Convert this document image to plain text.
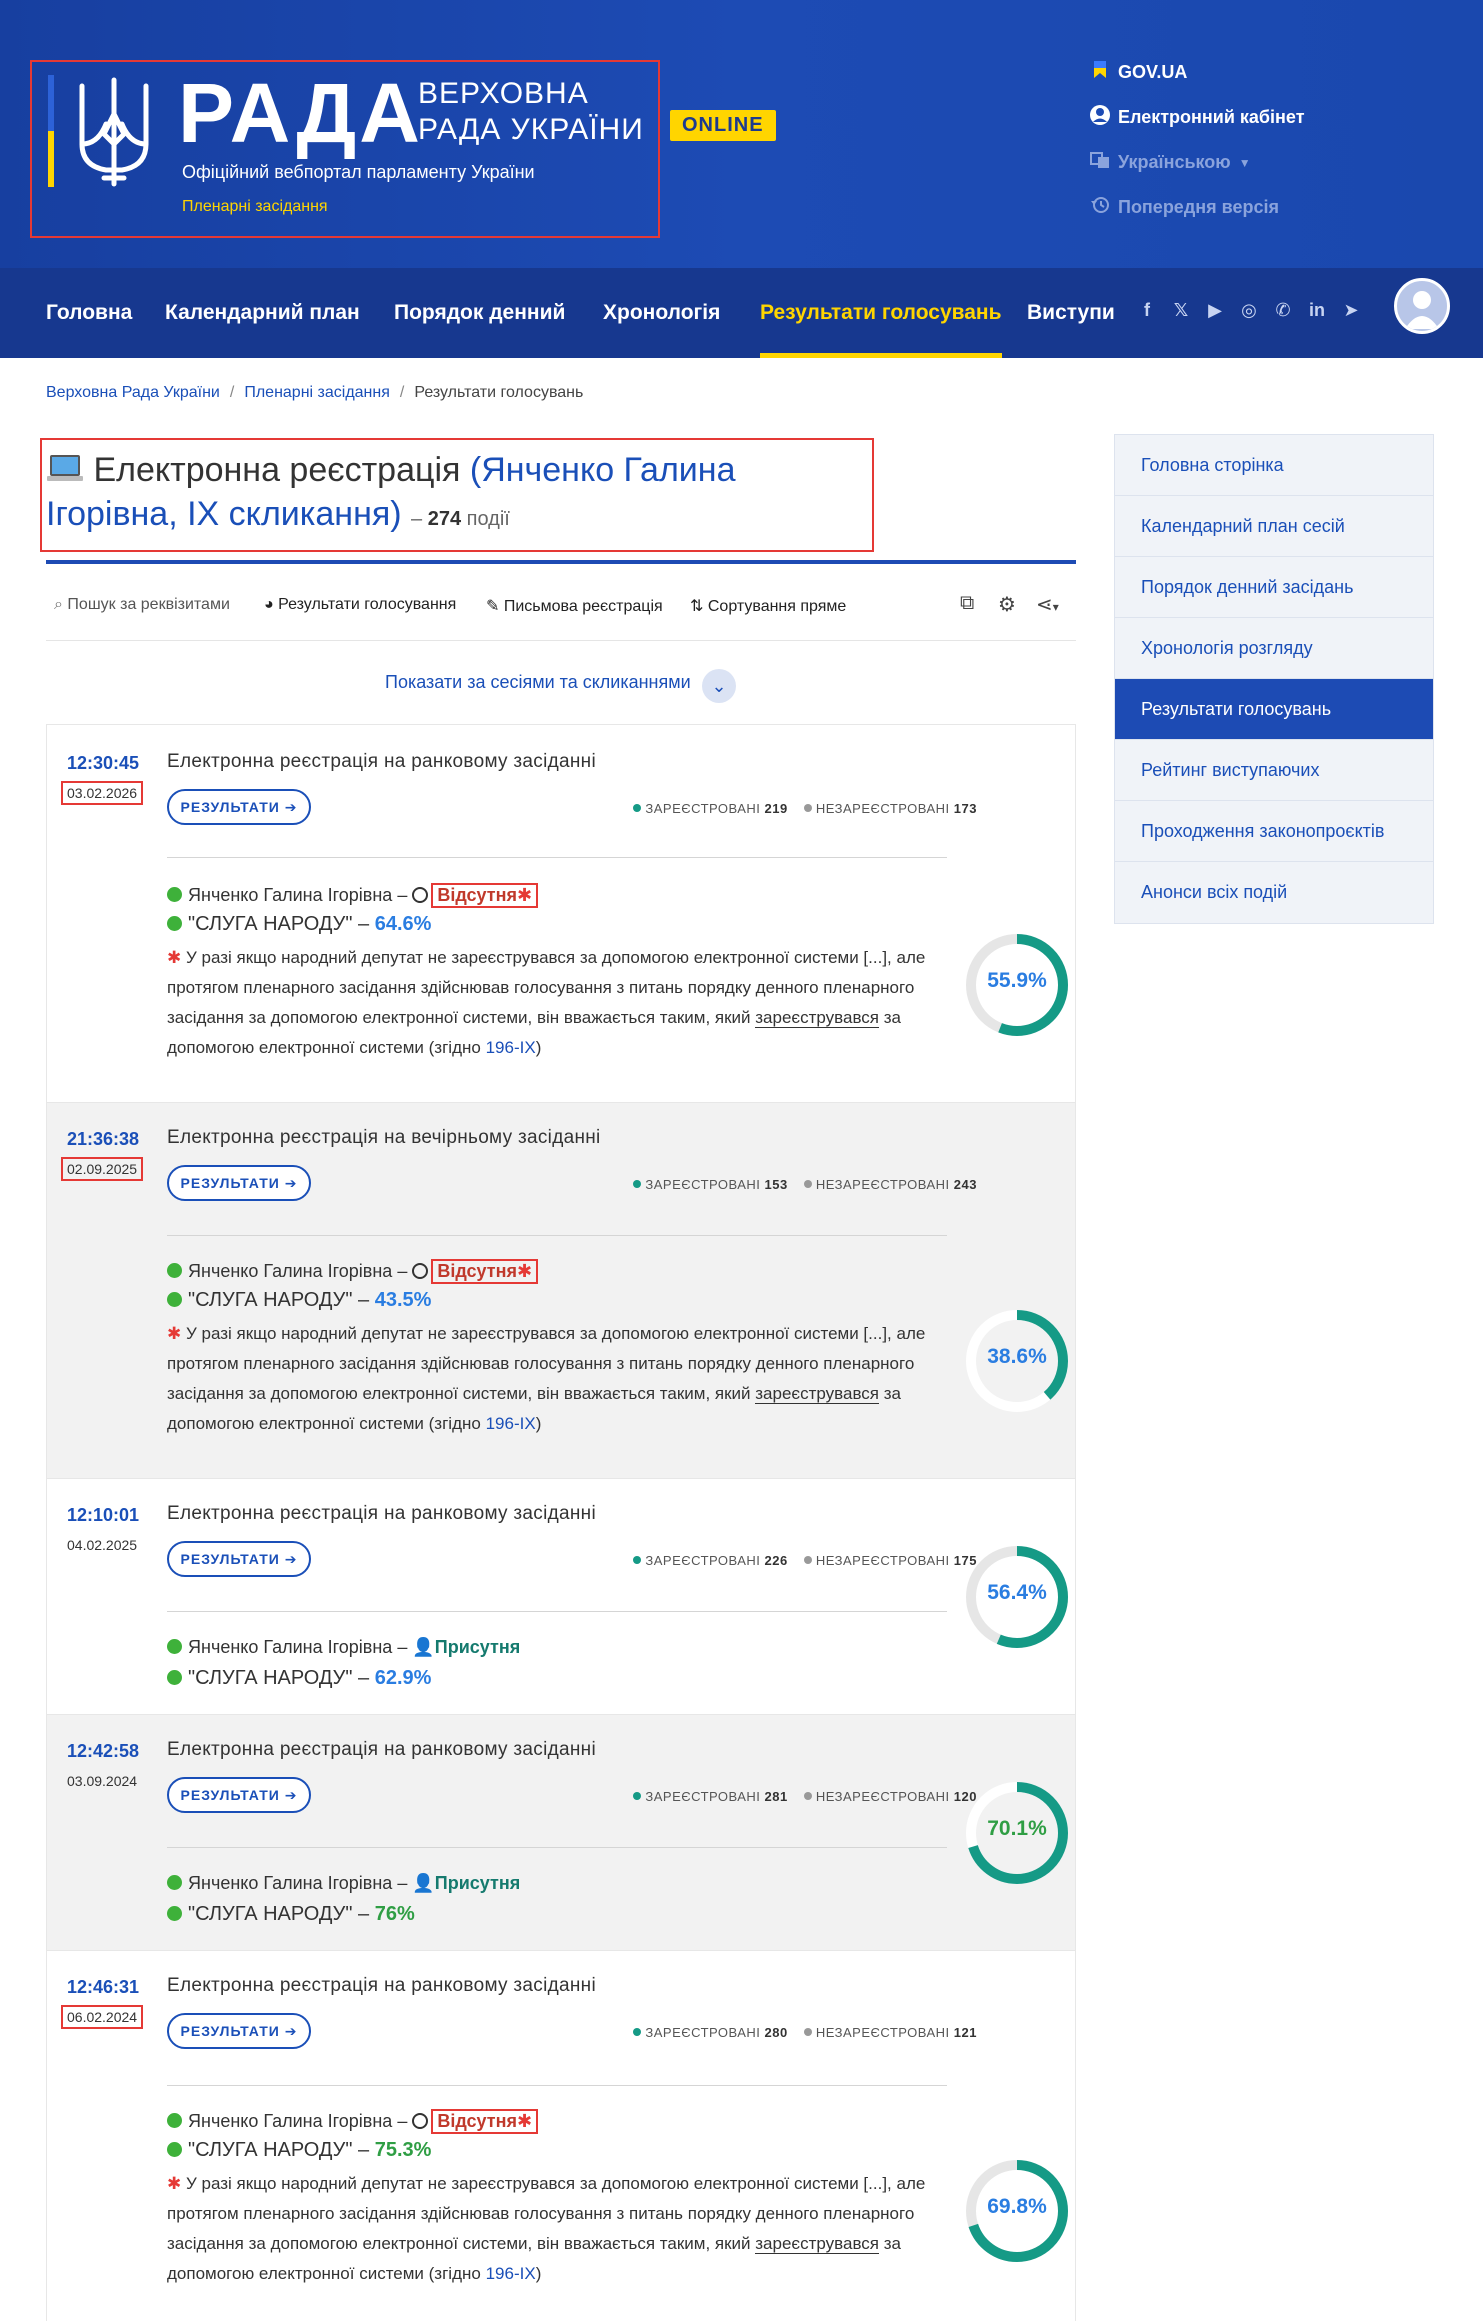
РАДА
ВЕРХОВНА
РАДА УКРАЇНИ	ONLINE
Офіційний вебпортал парламенту України
Пленарні засідання
GOV.UA
Електронний кабінет
Українською ▼
Попередня версія
Головна Календарний план Порядок денний Хронологія Результати голосувань Виступи	f	𝕏 ▶ ◎ ✆ in ➤
Верховна Рада України / Пленарні засідання / Результати голосувань
Електронна реєстрація (Янченко Галина Ігорівна, IX скликання) – 274 події
⌕ Пошук за реквізитами ◕ Результати голосування ✎ Письмова реєстрація ⇅ Сортування пряме	⧉ ⚙ ⋖▾
Показати за сесіями та скликаннями	⌄
12:30:45
03.02.2026
Електронна реєстрація на ранковому засіданні
РЕЗУЛЬТАТИ ➔	ЗАРЕЄСТРОВАНІ 219 НЕЗАРЕЄСТРОВАНІ 173
Янченко Галина Ігорівна – Відсутня✱
"СЛУГА НАРОДУ" – 64.6%
✱ У разі якщо народний депутат не зареєструвався за допомогою електронної системи [...], але протягом пленарного засідання здійснював голосування з питань порядку денного пленарного засідання за допомогою електронної системи, він вважається таким, який зареєструвався за допомогою електронної системи (згідно 196-IX)
55.9%
21:36:38
02.09.2025
Електронна реєстрація на вечірньому засіданні
РЕЗУЛЬТАТИ ➔	ЗАРЕЄСТРОВАНІ 153 НЕЗАРЕЄСТРОВАНІ 243
Янченко Галина Ігорівна – Відсутня✱
"СЛУГА НАРОДУ" – 43.5%
✱ У разі якщо народний депутат не зареєструвався за допомогою електронної системи [...], але протягом пленарного засідання здійснював голосування з питань порядку денного пленарного засідання за допомогою електронної системи, він вважається таким, який зареєструвався за допомогою електронної системи (згідно 196-IX)
38.6%
12:10:01
04.02.2025
Електронна реєстрація на ранковому засіданні
РЕЗУЛЬТАТИ ➔	ЗАРЕЄСТРОВАНІ 226 НЕЗАРЕЄСТРОВАНІ 175
Янченко Галина Ігорівна – 👤Присутня
"СЛУГА НАРОДУ" – 62.9%
56.4%
12:42:58
03.09.2024
Електронна реєстрація на ранковому засіданні
РЕЗУЛЬТАТИ ➔	ЗАРЕЄСТРОВАНІ 281 НЕЗАРЕЄСТРОВАНІ 120
Янченко Галина Ігорівна – 👤Присутня
"СЛУГА НАРОДУ" – 76%
70.1%
12:46:31
06.02.2024
Електронна реєстрація на ранковому засіданні
РЕЗУЛЬТАТИ ➔	ЗАРЕЄСТРОВАНІ 280 НЕЗАРЕЄСТРОВАНІ 121
Янченко Галина Ігорівна – Відсутня✱
"СЛУГА НАРОДУ" – 75.3%
✱ У разі якщо народний депутат не зареєструвався за допомогою електронної системи [...], але протягом пленарного засідання здійснював голосування з питань порядку денного пленарного засідання за допомогою електронної системи, він вважається таким, який зареєструвався за допомогою електронної системи (згідно 196-IX)
69.8%
Головна сторінка
Календарний план сесій
Порядок денний засідань
Хронологія розгляду
Результати голосувань
Рейтинг виступаючих
Проходження законопроєктів
Анонси всіх подій
